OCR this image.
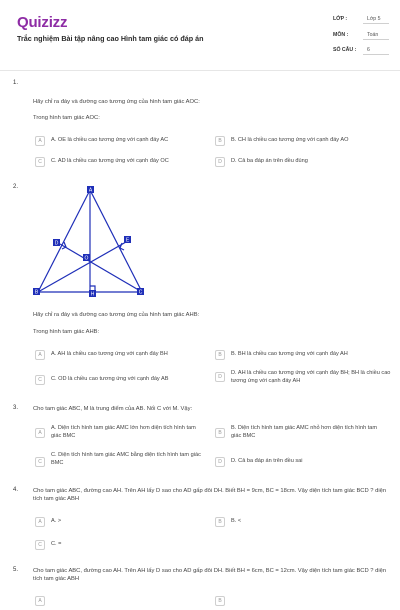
Quizizz
Trắc nghiệm Bài tập nâng cao Hình tam giác có đáp án
LỚP :	Lớp 5
MÔN :	Toán
SỐ CÂU : 6
1.
Hãy chỉ ra đáy và đường cao tương ứng của hình tam giác AOC:
Trong hình tam giác AOC:
A	A. OE là chiều cao tương ứng với cạnh đáy AC	B	B. CH là chiều cao tương ứng với cạnh đáy AO
C	C. AD là chiều cao tương ứng với cạnh đáy OC	D	D. Cả ba đáp án trên đều đúng
2.
A
B	C
D	E
H
O
Hãy chỉ ra đáy và đường cao tương ứng của hình tam giác AHB:
Trong hình tam giác AHB:
A	A. AH là chiều cao tương ứng với cạnh đáy BH	B	B. BH là chiều cao tương ứng với cạnh đáy AH
C	C. OD là chiều cao tương ứng với cạnh đáy AB	D
D. AH là chiều cao tương ứng với cạnh đáy BH; BH là chiều cao tương ứng với cạnh đáy AH
3.	Cho tam giác ABC, M là trung điểm của AB. Nối C với M. Vậy:
A
A. Diện tích hình tam giác AMC lớn hơn diện tích hình tam giác BMC	B
B. Diện tích hình tam giác AMC nhỏ hơn diện tích hình tam giác BMC
C
C. Diện tích hình tam giác AMC bằng diện tích hình tam giác BMC	D	D. Cả ba đáp án trên đều sai
4.	Cho tam giác ABC, đường cao AH. Trên AH lấy D sao cho AD gấp đôi DH. Biết BH = 9cm, BC = 18cm. Vậy diện tích tam giác BCD ? diện tích tam giác ABH
A	A. >	B	B. <
C	C. =
5.	Cho tam giác ABC, đường cao AH. Trên AH lấy D sao cho AD gấp đôi DH. Biết BH = 6cm, BC = 12cm. Vậy diện tích tam giác BCD ? diện tích tam giác ABH
A	B
